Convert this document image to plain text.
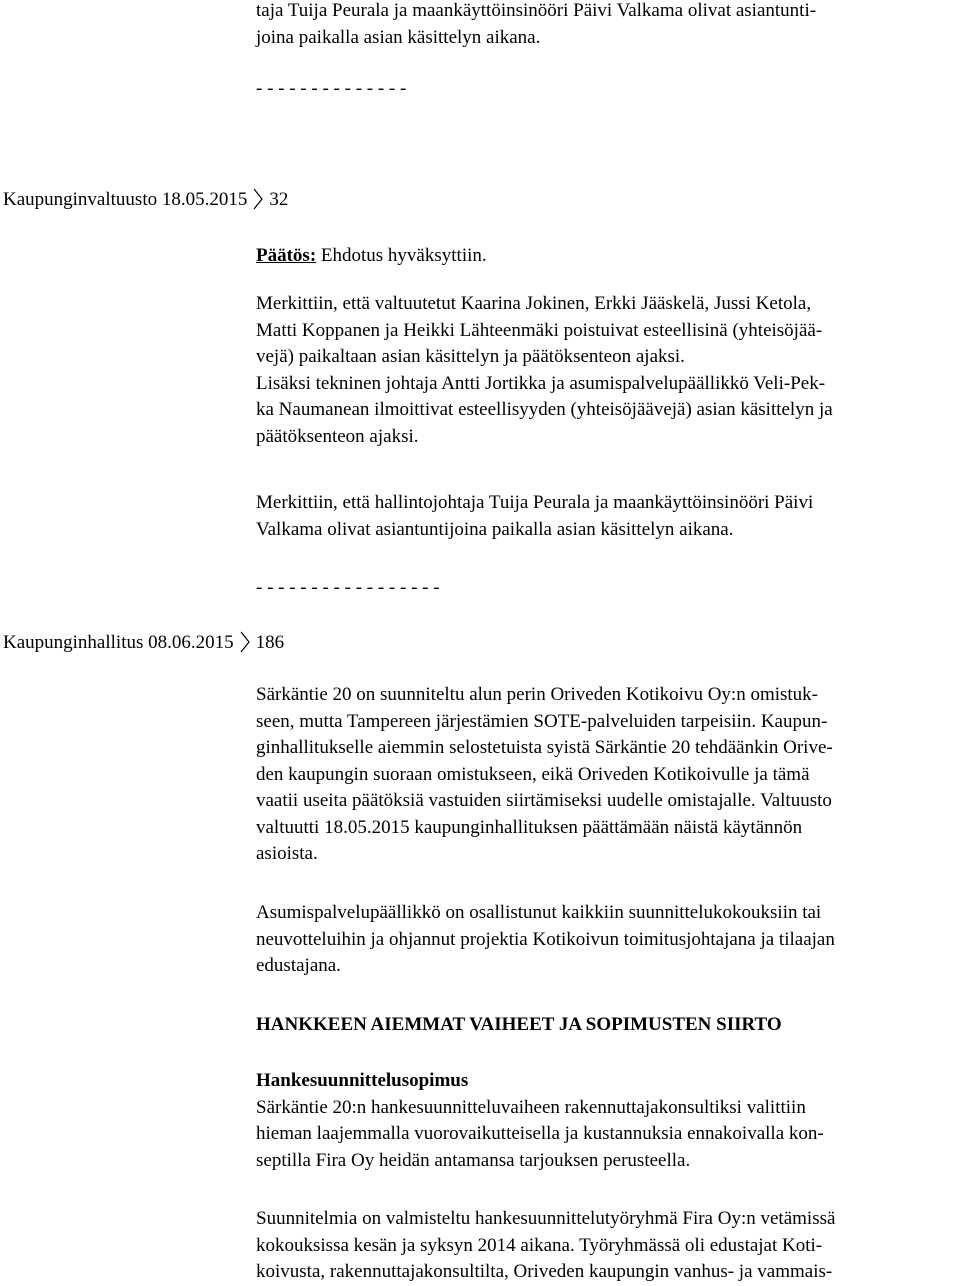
taja Tuija Peurala ja maankäyttöinsinööri Päivi Valkama olivat asiantunti-
joina paikalla asian käsittelyn aikana.
- - - - - - - - - - - - - -
Kaupunginvaltuusto 18.05.2015 32
Päätös: Ehdotus hyväksyttiin.
Merkittiin, että valtuutetut Kaarina Jokinen, Erkki Jääskelä, Jussi Ketola,
Matti Koppanen ja Heikki Lähteenmäki poistuivat esteellisinä (yhteisöjää-
vejä) paikaltaan asian käsittelyn ja päätöksenteon ajaksi.
Lisäksi tekninen johtaja Antti Jortikka ja asumispalvelupäällikkö Veli-Pek-
ka Naumanean ilmoittivat esteellisyyden (yhteisöjäävejä) asian käsittelyn ja
päätöksenteon ajaksi.
Merkittiin, että hallintojohtaja Tuija Peurala ja maankäyttöinsinööri Päivi
Valkama olivat asiantuntijoina paikalla asian käsittelyn aikana.
- - - - - - - - - - - - - - - - -
Kaupunginhallitus 08.06.2015 186
Särkäntie 20 on suunniteltu alun perin Oriveden Kotikoivu Oy:n omistuk-
seen, mutta Tampereen järjestämien SOTE-palveluiden tarpeisiin. Kaupun-
ginhallitukselle aiemmin selostetuista syistä Särkäntie 20 tehdäänkin Orive-
den kaupungin suoraan omistukseen, eikä Oriveden Kotikoivulle ja tämä
vaatii useita päätöksiä vastuiden siirtämiseksi uudelle omistajalle. Valtuusto
valtuutti 18.05.2015 kaupunginhallituksen päättämään näistä käytännön
asioista.
Asumispalvelupäällikkö on osallistunut kaikkiin suunnittelukokouksiin tai
neuvotteluihin ja ohjannut projektia Kotikoivun toimitusjohtajana ja tilaajan
edustajana.
HANKKEEN AIEMMAT VAIHEET JA SOPIMUSTEN SIIRTO
Hankesuunnittelusopimus
Särkäntie 20:n hankesuunnitteluvaiheen rakennuttajakonsultiksi valittiin
hieman laajemmalla vuorovaikutteisella ja kustannuksia ennakoivalla kon-
septilla Fira Oy heidän antamansa tarjouksen perusteella.
Suunnitelmia on valmisteltu hankesuunnittelutyöryhmä Fira Oy:n vetämissä
kokouksissa kesän ja syksyn 2014 aikana. Työryhmässä oli edustajat Koti-
koivusta, rakennuttajakonsultilta, Oriveden kaupungin vanhus- ja vammais-
